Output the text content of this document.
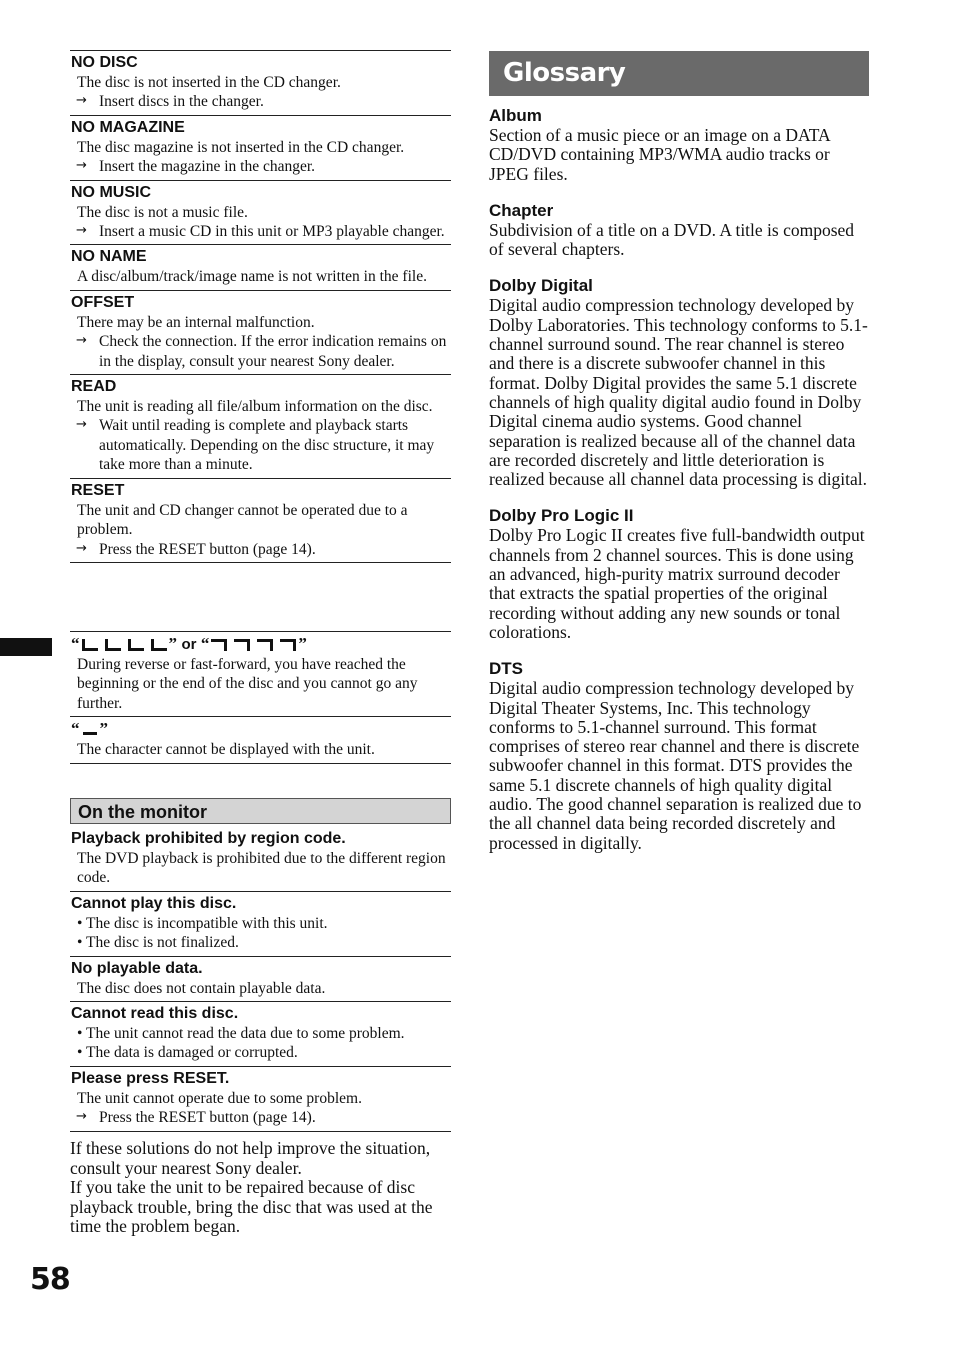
NO DISC
The disc is not inserted in the CD changer.
→ Insert discs in the changer.
NO MAGAZINE
The disc magazine is not inserted in the CD changer.
→ Insert the magazine in the changer.
NO MUSIC
The disc is not a music file.
→ Insert a music CD in this unit or MP3 playable changer.
NO NAME
A disc/album/track/image name is not written in the file.
OFFSET
There may be an internal malfunction.
→ Check the connection. If the error indication remains on in the display, consult your nearest Sony dealer.
READ
The unit is reading all file/album information on the disc.
→ Wait until reading is complete and playback starts automatically. Depending on the disc structure, it may take more than a minute.
RESET
The unit and CD changer cannot be operated due to a problem.
→ Press the RESET button (page 14).
“	” or “	”
During reverse or fast-forward, you have reached the beginning or the end of the disc and you cannot go any further.
“ ”
The character cannot be displayed with the unit.
On the monitor
Playback prohibited by region code.
The DVD playback is prohibited due to the different region code.
Cannot play this disc.
• The disc is incompatible with this unit.
• The disc is not finalized.
No playable data.
The disc does not contain playable data.
Cannot read this disc.
• The unit cannot read the data due to some problem.
• The data is damaged or corrupted.
Please press RESET.
The unit cannot operate due to some problem.
→ Press the RESET button (page 14).
If these solutions do not help improve the situation, consult your nearest Sony dealer.
If you take the unit to be repaired because of disc playback trouble, bring the disc that was used at the time the problem began.
Glossary
Album
Section of a music piece or an image on a DATA CD/DVD containing MP3/WMA audio tracks or JPEG files.
Chapter
Subdivision of a title on a DVD. A title is composed of several chapters.
Dolby Digital
Digital audio compression technology developed by Dolby Laboratories. This technology conforms to 5.1-channel surround sound. The rear channel is stereo and there is a discrete subwoofer channel in this format. Dolby Digital provides the same 5.1 discrete channels of high quality digital audio found in Dolby Digital cinema audio systems. Good channel separation is realized because all of the channel data are recorded discretely and little deterioration is realized because all channel data processing is digital.
Dolby Pro Logic II
Dolby Pro Logic II creates five full-bandwidth output channels from 2 channel sources. This is done using an advanced, high-purity matrix surround decoder that extracts the spatial properties of the original recording without adding any new sounds or tonal colorations.
DTS
Digital audio compression technology developed by Digital Theater Systems, Inc. This technology conforms to 5.1-channel surround. This format comprises of stereo rear channel and there is discrete subwoofer channel in this format. DTS provides the same 5.1 discrete channels of high quality digital audio. The good channel separation is realized due to the all channel data being recorded discretely and processed in digitally.
58
